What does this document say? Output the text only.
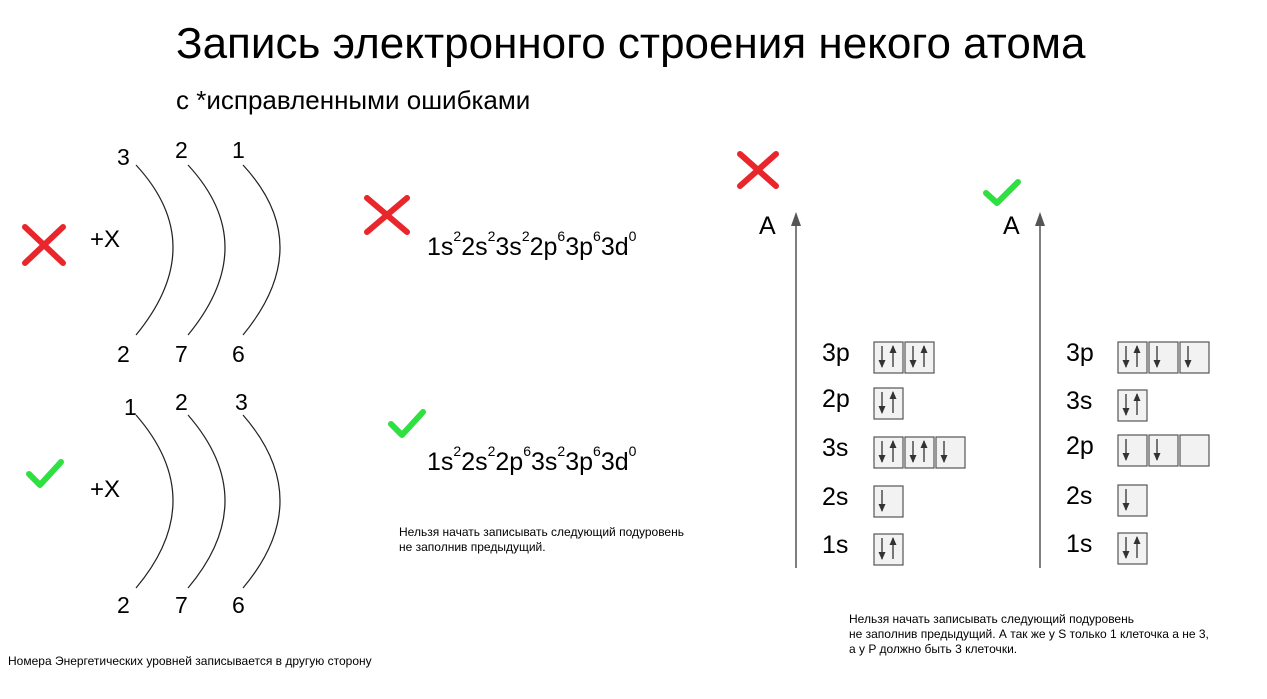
Запись электронного строения некого атома
с *исправленными ошибками
+X
3 2 1
2 7 6
+X
1 2 3
2 7 6
Номера Энергетических уровней записывается в другую сторону
$1s^22s^23s^22p^63p^63d^0$
$1s^22s^22p^63s^23p^63d^0$
Нельзя начать записывать следующий подуровень
не заполнив предыдущий.
A
3p
2p
3s
2s
1s
A
3p
3s
2p
2s
1s
Нельзя начать записывать следующий подуровень
не заполнив предыдущий. А так же у S только 1 клеточка а не 3,
а у P должно быть 3 клеточки.
